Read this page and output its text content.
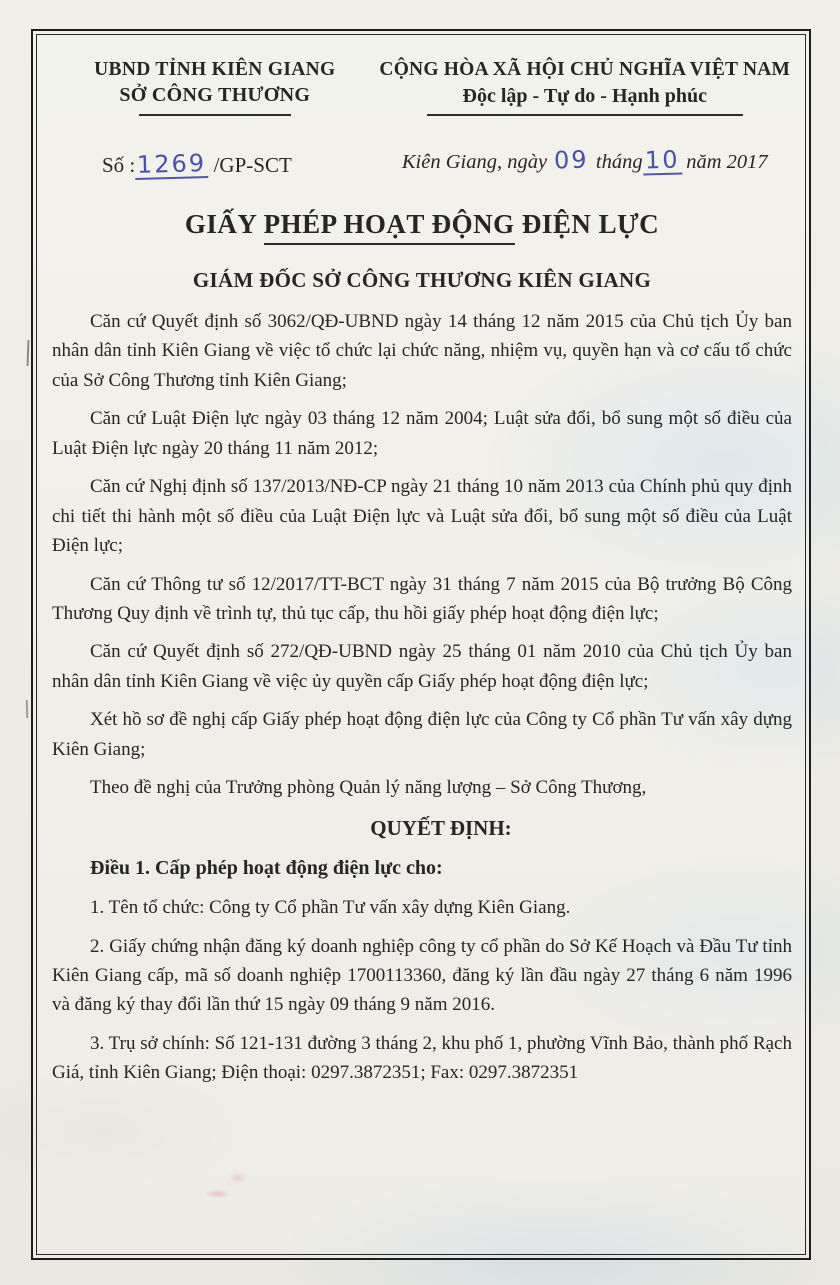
UBND TỈNH KIÊN GIANG
SỞ CÔNG THƯƠNG
Số :1269 /GP-SCT
CỘNG HÒA XÃ HỘI CHỦ NGHĨA VIỆT NAM
Độc lập - Tự do - Hạnh phúc
Kiên Giang, ngày 09 tháng10 năm 2017
GIẤY PHÉP HOẠT ĐỘNG ĐIỆN LỰC
GIÁM ĐỐC SỞ CÔNG THƯƠNG KIÊN GIANG

Căn cứ Quyết định số 3062/QĐ-UBND ngày 14 tháng 12 năm 2015 của Chủ tịch Ủy ban nhân dân tỉnh Kiên Giang về việc tổ chức lại chức năng, nhiệm vụ, quyền hạn và cơ cấu tổ chức của Sở Công Thương tỉnh Kiên Giang;

Căn cứ Luật Điện lực ngày 03 tháng 12 năm 2004; Luật sửa đổi, bổ sung một số điều của Luật Điện lực ngày 20 tháng 11 năm 2012;

Căn cứ Nghị định số 137/2013/NĐ-CP ngày 21 tháng 10 năm 2013 của Chính phủ quy định chi tiết thi hành một số điều của Luật Điện lực và Luật sửa đổi, bổ sung một số điều của Luật Điện lực;

Căn cứ Thông tư số 12/2017/TT-BCT ngày 31 tháng 7 năm 2015 của Bộ trưởng Bộ Công Thương Quy định về trình tự, thủ tục cấp, thu hồi giấy phép hoạt động điện lực;

Căn cứ Quyết định số 272/QĐ-UBND ngày 25 tháng 01 năm 2010 của Chủ tịch Ủy ban nhân dân tỉnh Kiên Giang về việc ủy quyền cấp Giấy phép hoạt động điện lực;

Xét hồ sơ đề nghị cấp Giấy phép hoạt động điện lực của Công ty Cổ phần Tư vấn xây dựng Kiên Giang;

Theo đề nghị của Trưởng phòng Quản lý năng lượng – Sở Công Thương,

QUYẾT ĐỊNH:

Điều 1. Cấp phép hoạt động điện lực cho:

1. Tên tổ chức: Công ty Cổ phần Tư vấn xây dựng Kiên Giang.

2. Giấy chứng nhận đăng ký doanh nghiệp công ty cổ phần do Sở Kế Hoạch và Đầu Tư tỉnh Kiên Giang cấp, mã số doanh nghiệp 1700113360, đăng ký lần đầu ngày 27 tháng 6 năm 1996 và đăng ký thay đổi lần thứ 15 ngày 09 tháng 9 năm 2016.

3. Trụ sở chính: Số 121-131 đường 3 tháng 2, khu phố 1, phường Vĩnh Bảo, thành phố Rạch Giá, tỉnh Kiên Giang; Điện thoại: 0297.3872351; Fax: 0297.3872351
